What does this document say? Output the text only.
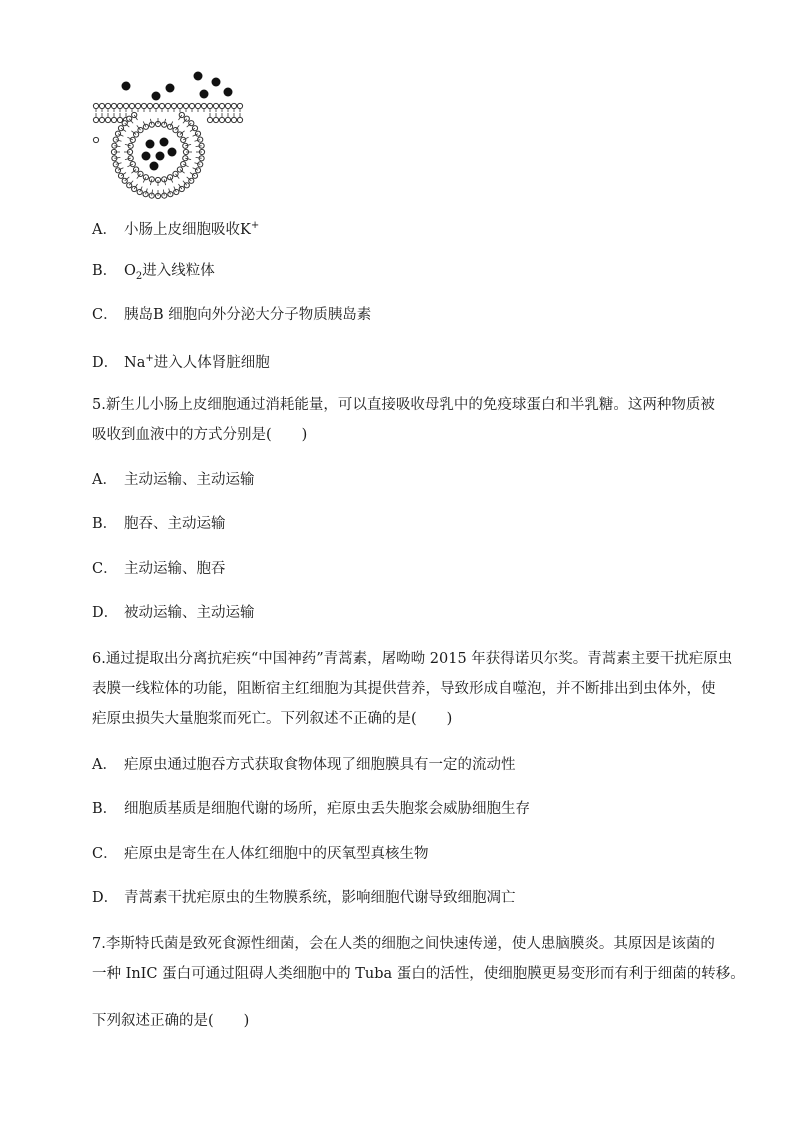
A． 小肠上皮细胞吸收K+
B． $O_2$进入线粒体
C． 胰岛B 细胞向外分泌大分子物质胰岛素
D． Na+进入人体肾脏细胞
5.新生儿小肠上皮细胞通过消耗能量，可以直接吸收母乳中的免疫球蛋白和半乳糖。这两种物质被
吸收到血液中的方式分别是( )
A． 主动运输、主动运输
B． 胞吞、主动运输
C． 主动运输、胞吞
D． 被动运输、主动运输
6.通过提取出分离抗疟疾“中国神药”青蒿素，屠呦呦 2015 年获得诺贝尔奖。青蒿素主要干扰疟原虫
表膜一线粒体的功能，阻断宿主红细胞为其提供营养，导致形成自噬泡，并不断排出到虫体外，使
疟原虫损失大量胞浆而死亡。下列叙述不正确的是( )
A． 疟原虫通过胞吞方式获取食物体现了细胞膜具有一定的流动性
B． 细胞质基质是细胞代谢的场所，疟原虫丢失胞浆会威胁细胞生存
C． 疟原虫是寄生在人体红细胞中的厌氧型真核生物
D． 青蒿素干扰疟原虫的生物膜系统，影响细胞代谢导致细胞凋亡
7.李斯特氏菌是致死食源性细菌，会在人类的细胞之间快速传递，使人患脑膜炎。其原因是该菌的
一种 InIC 蛋白可通过阻碍人类细胞中的 Tuba 蛋白的活性，使细胞膜更易变形而有利于细菌的转移。
下列叙述正确的是( )
